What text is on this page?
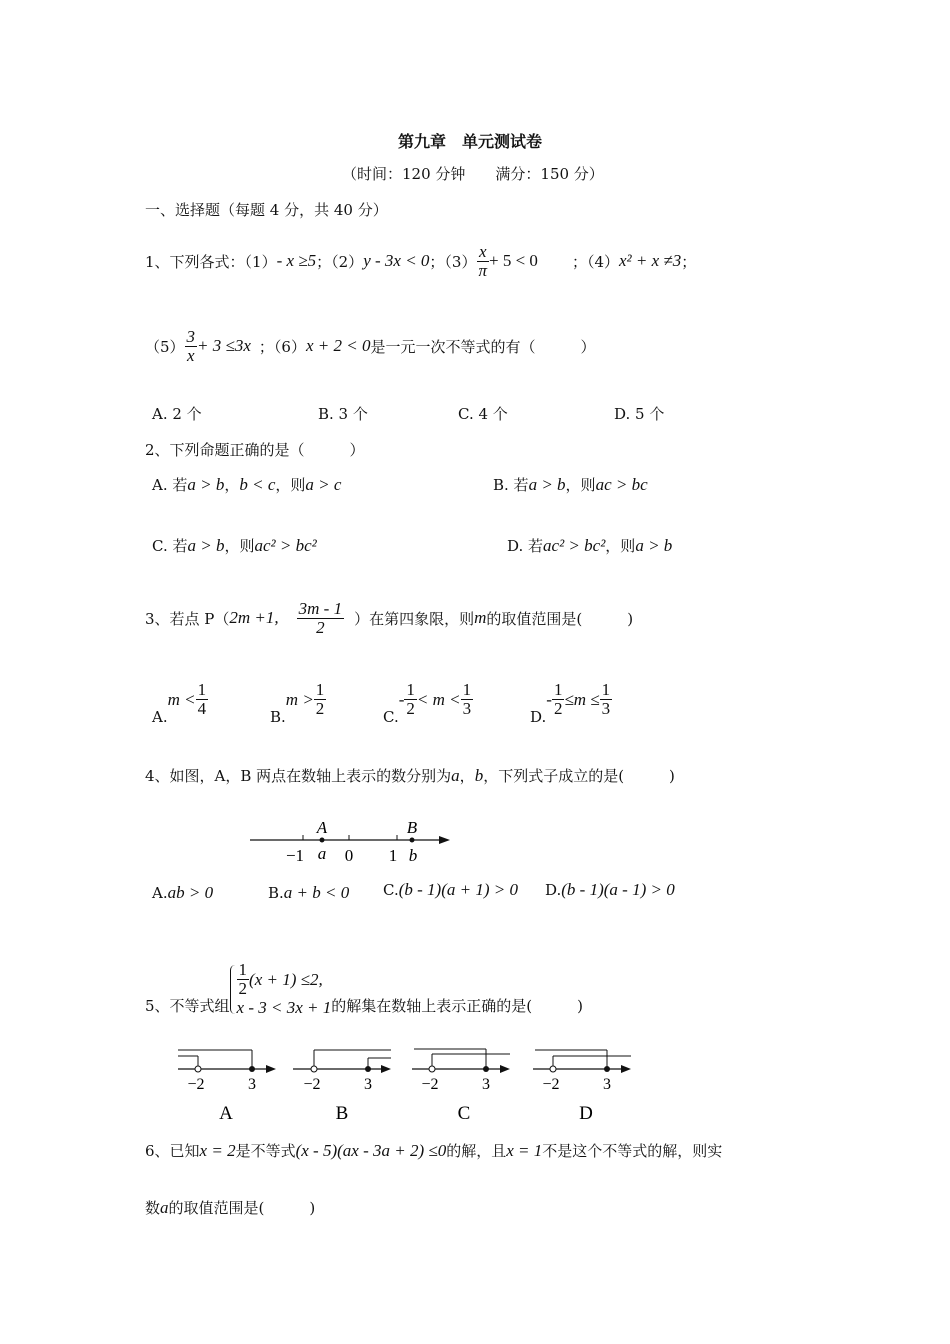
第九章　单元测试卷
（时间：120 分钟　　满分：150 分）
一、选择题（每题 4 分，共 40 分）
1、下列各式：（1） - x ≥5 ；（2） y - 3x < 0 ；$(3) \frac{x}{\pi} + 5 < 0$ ；（4） x² + x ≠3 ；
$(5) \frac{3}{x} + 3 \le 3x$ ；（6） x + 2 < 0 是一元一次不等式的有（　　　）
A. 2 个	B. 3 个	C. 4 个	D. 5 个
2、下列命题正确的是（　　　）
A. 若a > b，b < c，则a > c	B. 若a > b，则ac > bc
C. 若a > b，则ac² > bc²	D. 若ac² > bc²，则a > b
3、若点 P（ 2m +1, $\frac{3m - 1}{2}$ ）在第四象限，则 m 的取值范围是(　　　)
A.
$m < \frac{1}{4}$	B.
$m > \frac{1}{2}$	C.
- $\frac{1}{2} < m < \frac{1}{3}$	D.
- $\frac{1}{2} \le m \le \frac{1}{3}$
4、如图，A，B 两点在数轴上表示的数分别为a，b，下列式子成立的是(　　　)
A	B
−1 a 0 1 b
A.ab > 0	B.a + b < 0 C.(b - 1)(a + 1) > 0 D.(b - 1)(a - 1) > 0
5、不等式组
$\frac{1}{2} (x + 1) \le 2$,
x - 3 < 3x + 1 的解集在数轴上表示正确的是(　　　)
−2	3
A
−2	3
B
−2	3
C
−2	3
D
6、已知x = 2是不等式(x - 5)(ax - 3a + 2) ≤0的解，且x = 1不是这个不等式的解，则实
数a的取值范围是(　　　)
